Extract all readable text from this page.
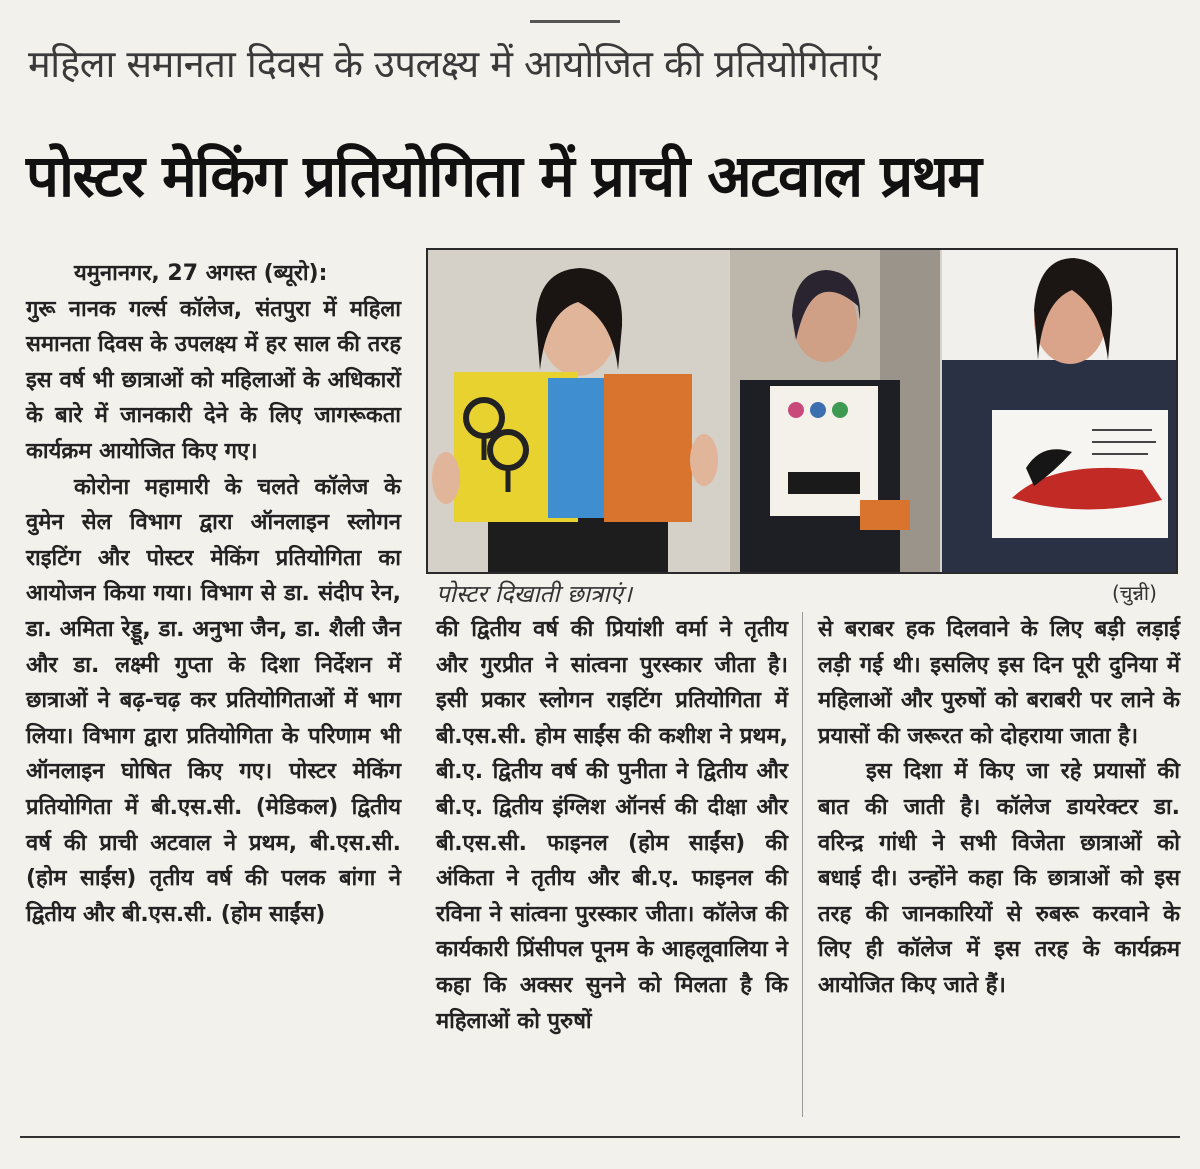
महिला समानता दिवस के उपलक्ष्य में आयोजित की प्रतियोगिताएं
पोस्टर मेकिंग प्रतियोगिता में प्राची अटवाल प्रथम

यमुनानगर, 27 अगस्त (ब्यूरो):

गुरू नानक गर्ल्स कॉलेज, संतपुरा में महिला समानता दिवस के उपलक्ष्य में हर साल की तरह इस वर्ष भी छात्राओं को महिलाओं के अधिकारों के बारे में जानकारी देने के लिए जागरूकता कार्यक्रम आयोजित किए गए।

कोरोना महामारी के चलते कॉलेज के वुमेन सेल विभाग द्वारा ऑनलाइन स्लोगन राइटिंग और पोस्टर मेकिंग प्रतियोगिता का आयोजन किया गया। विभाग से डा. संदीप रेन, डा. अमिता रेड्डू, डा. अनुभा जैन, डा. शैली जैन और डा. लक्ष्मी गुप्ता के दिशा निर्देशन में छात्राओं ने बढ़-चढ़ कर प्रतियोगिताओं में भाग लिया। विभाग द्वारा प्रतियोगिता के परिणाम भी ऑनलाइन घोषित किए गए। पोस्टर मेकिंग प्रतियोगिता में बी.एस.सी. (मेडिकल) द्वितीय वर्ष की प्राची अटवाल ने प्रथम, बी.एस.सी. (होम साईंस) तृतीय वर्ष की पलक बांगा ने द्वितीय और बी.एस.सी. (होम साईंस)

पोस्टर दिखाती छात्राएं।	(चुन्नी)

की द्वितीय वर्ष की प्रियांशी वर्मा ने तृतीय और गुरप्रीत ने सांत्वना पुरस्कार जीता है। इसी प्रकार स्लोगन राइटिंग प्रतियोगिता में बी.एस.सी. होम साईंस की कशीश ने प्रथम, बी.ए. द्वितीय वर्ष की पुनीता ने द्वितीय और बी.ए. द्वितीय इंग्लिश ऑनर्स की दीक्षा और बी.एस.सी. फाइनल (होम साईंस) की अंकिता ने तृतीय और बी.ए. फाइनल की रविना ने सांत्वना पुरस्कार जीता। कॉलेज की कार्यकारी प्रिंसीपल पूनम के आहलूवालिया ने कहा कि अक्सर सुनने को मिलता है कि महिलाओं को पुरुषों

से बराबर हक दिलवाने के लिए बड़ी लड़ाई लड़ी गई थी। इसलिए इस दिन पूरी दुनिया में महिलाओं और पुरुषों को बराबरी पर लाने के प्रयासों की जरूरत को दोहराया जाता है।

इस दिशा में किए जा रहे प्रयासों की बात की जाती है। कॉलेज डायरेक्टर डा. वरिन्द्र गांधी ने सभी विजेता छात्राओं को बधाई दी। उन्होंने कहा कि छात्राओं को इस तरह की जानकारियों से रुबरू करवाने के लिए ही कॉलेज में इस तरह के कार्यक्रम आयोजित किए जाते हैं।
